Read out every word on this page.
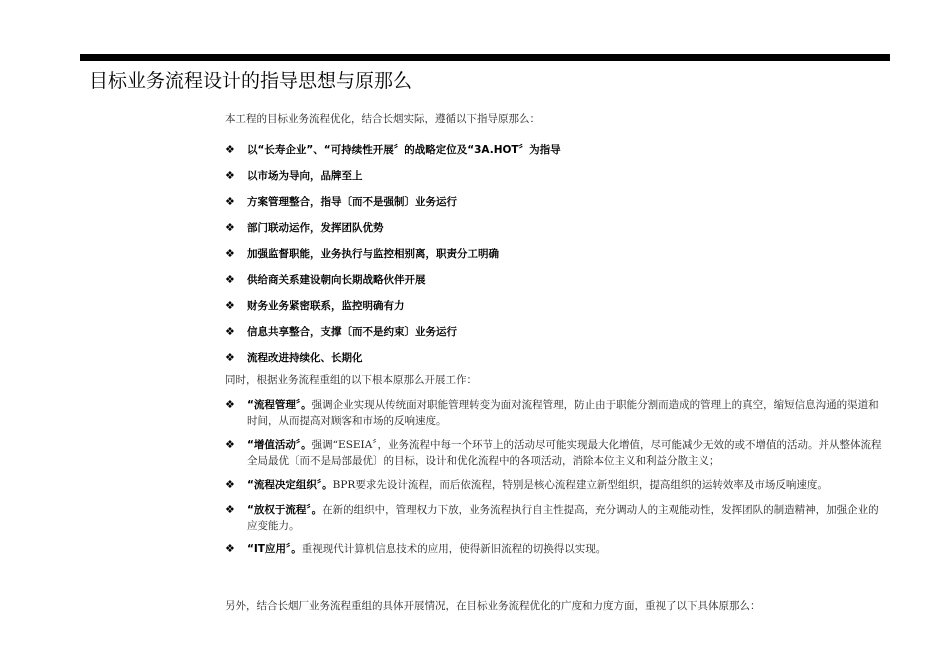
目标业务流程设计的指导思想与原那么
本工程的目标业务流程优化，结合长烟实际，遵循以下指导原那么：
❖	以“长寿企业”、“可持续性开展〞的战略定位及“3A.HOT〞为指导
❖	以市场为导向，品牌至上
❖	方案管理整合，指导〔而不是强制〕业务运行
❖	部门联动运作，发挥团队优势
❖	加强监督职能，业务执行与监控相别离，职责分工明确
❖	供给商关系建设朝向长期战略伙伴开展
❖	财务业务紧密联系，监控明确有力
❖	信息共享整合，支撑〔而不是约束〕业务运行
❖	流程改进持续化、长期化
同时，根据业务流程重组的以下根本原那么开展工作：
❖	“流程管理〞。强调企业实现从传统面对职能管理转变为面对流程管理，防止由于职能分割而造成的管理上的真空，缩短信息沟通的渠道和时间，从而提高对顾客和市场的反响速度。
❖	“增值活动〞。强调“ESEIA〞，业务流程中每一个环节上的活动尽可能实现最大化增值，尽可能减少无效的或不增值的活动。并从整体流程全局最优〔而不是局部最优〕的目标，设计和优化流程中的各项活动，消除本位主义和利益分散主义；
❖	“流程决定组织〞。BPR要求先设计流程，而后依流程，特别是核心流程建立新型组织，提高组织的运转效率及市场反响速度。
❖	“放权于流程〞。在新的组织中，管理权力下放，业务流程执行自主性提高，充分调动人的主观能动性，发挥团队的制造精神，加强企业的应变能力。
❖	“IT应用〞。重视现代计算机信息技术的应用，使得新旧流程的切换得以实现。
另外，结合长烟厂业务流程重组的具体开展情况，在目标业务流程优化的广度和力度方面，重视了以下具体原那么：
